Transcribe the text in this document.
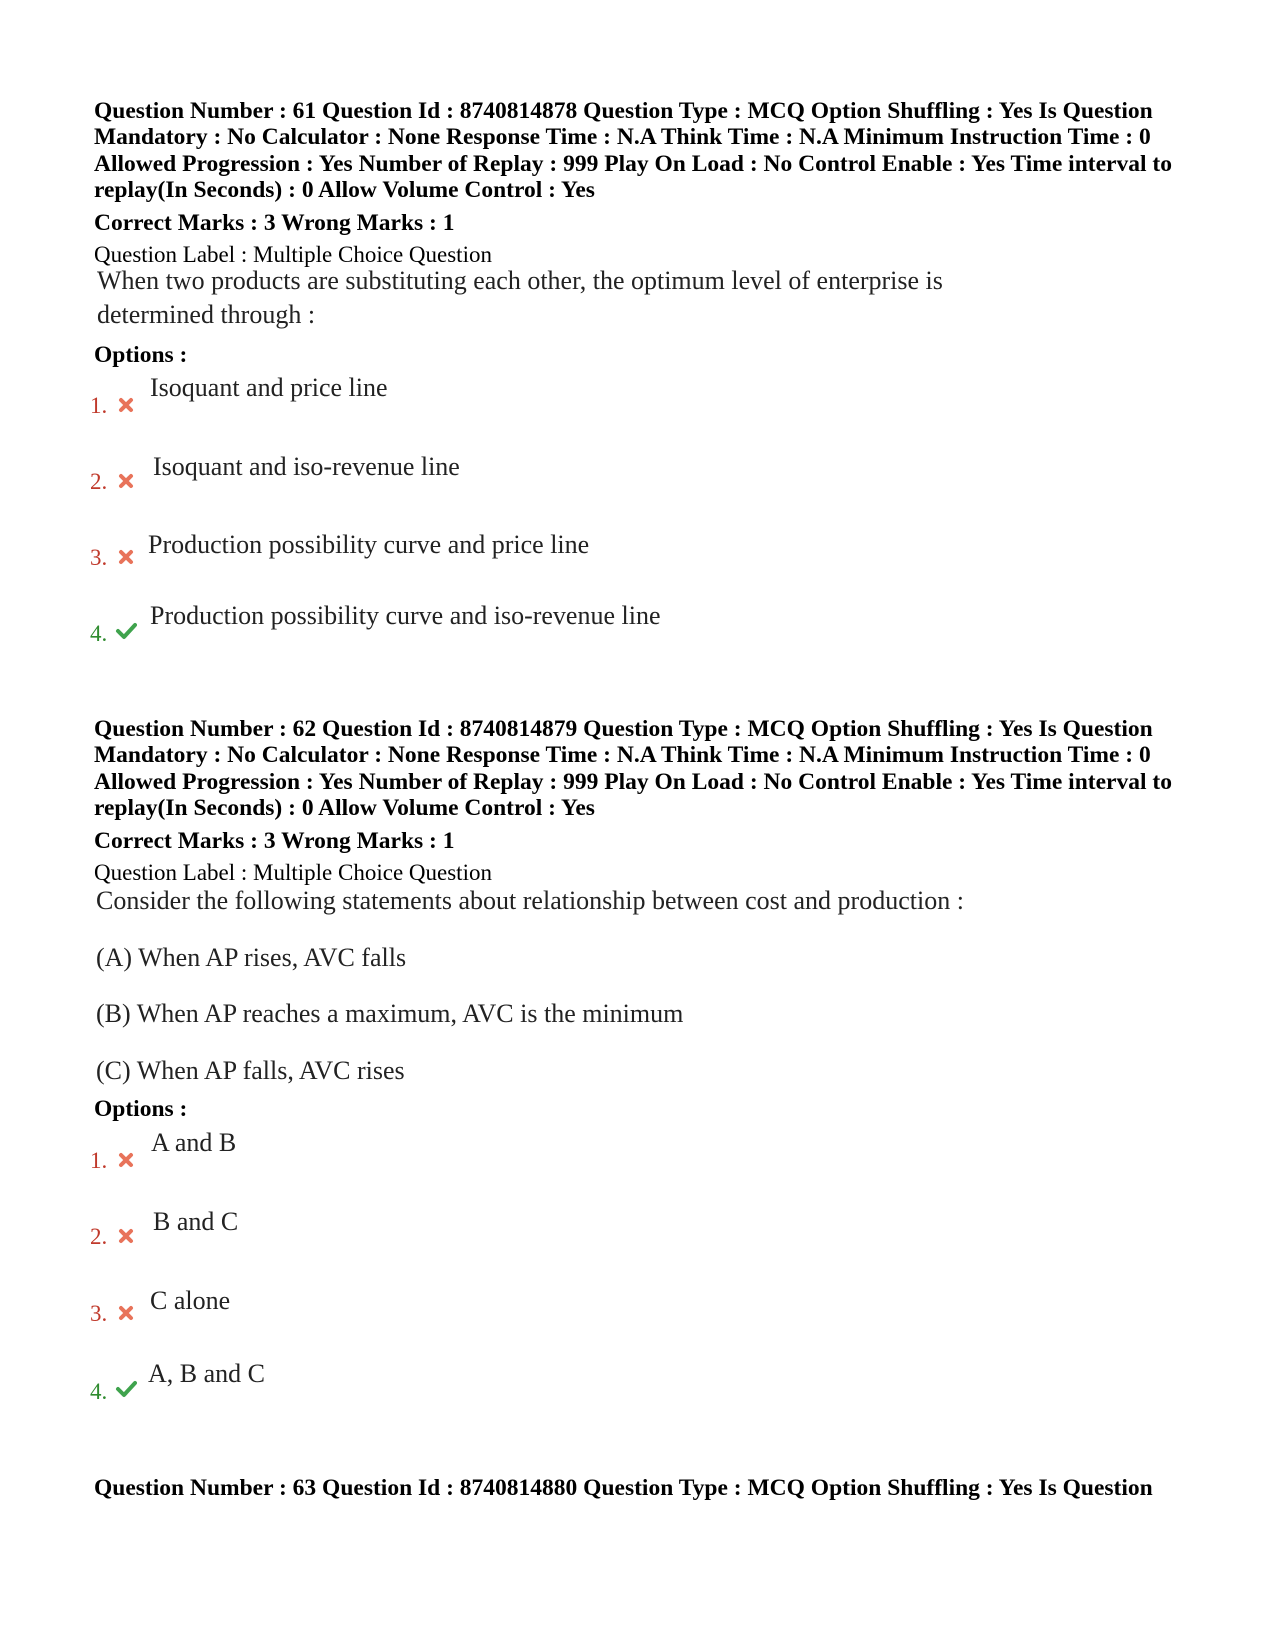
Question Number : 61 Question Id : 8740814878 Question Type : MCQ Option Shuffling : Yes Is Question Mandatory : No Calculator : None Response Time : N.A Think Time : N.A Minimum Instruction Time : 0 Allowed Progression : Yes Number of Replay : 999 Play On Load : No Control Enable : Yes Time interval to replay(In Seconds) : 0 Allow Volume Control : Yes

Correct Marks : 3 Wrong Marks : 1
Question Label : Multiple Choice Question
When two products are substituting each other, the optimum level of enterprise is
determined through :
Options :
1.
Isoquant and price line
2.
Isoquant and iso-revenue line
3. Production possibility curve and price line
4.
Production possibility curve and iso-revenue line

Question Number : 62 Question Id : 8740814879 Question Type : MCQ Option Shuffling : Yes Is Question Mandatory : No Calculator : None Response Time : N.A Think Time : N.A Minimum Instruction Time : 0 Allowed Progression : Yes Number of Replay : 999 Play On Load : No Control Enable : Yes Time interval to replay(In Seconds) : 0 Allow Volume Control : Yes

Correct Marks : 3 Wrong Marks : 1
Question Label : Multiple Choice Question
Consider the following statements about relationship between cost and production :
(A) When AP rises, AVC falls
(B) When AP reaches a maximum, AVC is the minimum
(C) When AP falls, AVC rises
Options :
1.
A and B
2.
B and C
3. C alone
4.
A, B and C

Question Number : 63 Question Id : 8740814880 Question Type : MCQ Option Shuffling : Yes Is Question
